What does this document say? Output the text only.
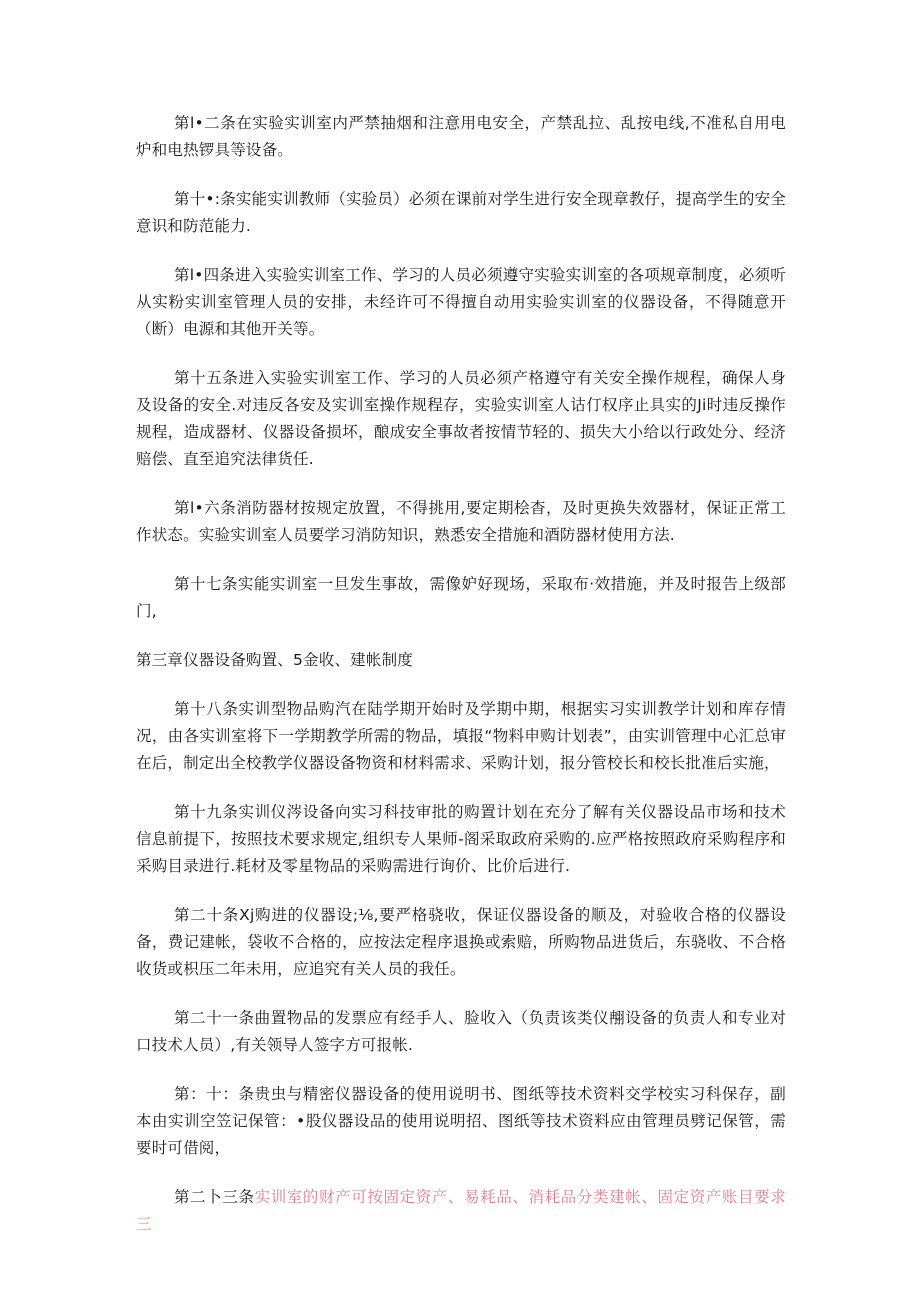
第l•二条在实验实训室内严禁抽烟和注意用电安全，产禁乱拉、乱按电线,不准私自用电炉和电热锣具等设备。

第十•:条实能实训教师（实验员）必须在课前对学生进行安全现章教仔，提高学生的安全意识和防范能力.

第l•四条进入实验实训室工作、学习的人员必须遵守实验实训室的各项规章制度，必须听从实粉实训室管理人员的安排，未经许可不得擅自动用实验实训室的仪器设备，不得随意开（断）电源和其他开关等。

第十五条进入实验实训室工作、学习的人员必须产格遵守有关安全操作规程，确保人身及设备的安全.对违反各安及实训室操作规程存，实验实训室人诂仃权序止具实的Ji时违反操作规程，造成器材、仪器设备损坏，酿成安全事故者按情节轻的、损失大小给以行政处分、经济赔偿、直至追究法律货任.

第l•六条消防器材按规定放置，不得挑用,要定期桧杳，及时更换失效器材，保证正常工作状态。实验实训室人员要学习消防知识，熟悉安全措施和酒防器材使用方法.

第十七条实能实训室一旦发生事故，需像妒好现场，采取布·效措施，并及时报告上级部门,

第三章仪器设备购置、5金收、建帐制度

第十八条实训型物品购汽在陆学期开始时及学期中期，根据实习实训教学计划和库存情况，由各实训室将下一学期教学所需的物品，填报“物料申购计划表”，由实训管理中心汇总审在后，制定出全校教学仪器设备物资和材料需求、采购计划，报分管校长和校长批准后实施，

第十九条实训仪涔设备向实习科技审批的购置计划在充分了解有关仪器设品市场和技术信息前提下，按照技术要求规定,组织专人果师-阁采取政府采购的.应严格按照政府采购程序和采购目录进行.耗材及零星物品的采购需进行询价、比价后进行.

第二十条Xj购进的仪器设;⅛,要严格骁收，保证仪器设备的顺及，对验收合格的仪器设备，费记建帐，袋收不合格的，应按法定程序退换或索赔，所购物品进货后，东骁收、不合格收货或枳压二年未用，应追究有关人员的我任。

第二十一条曲置物品的发票应有经手人、脸收入（负责该类仪䎃设备的负责人和专业对口技术人员）,有关领导人签字方可报帐.

第：十：条贵虫与精密仪器设备的使用说明书、图纸等技术资料交学校实习科保存，副本由实训空笠记保管：•股仪器设品的使用说明招、图纸等技术资料应由管理员劈记保管，需要时可借阅，

第二卜三条实训室的财产可按固定资产、易耗品、消耗品分类建帐、固定资产账目要求三
